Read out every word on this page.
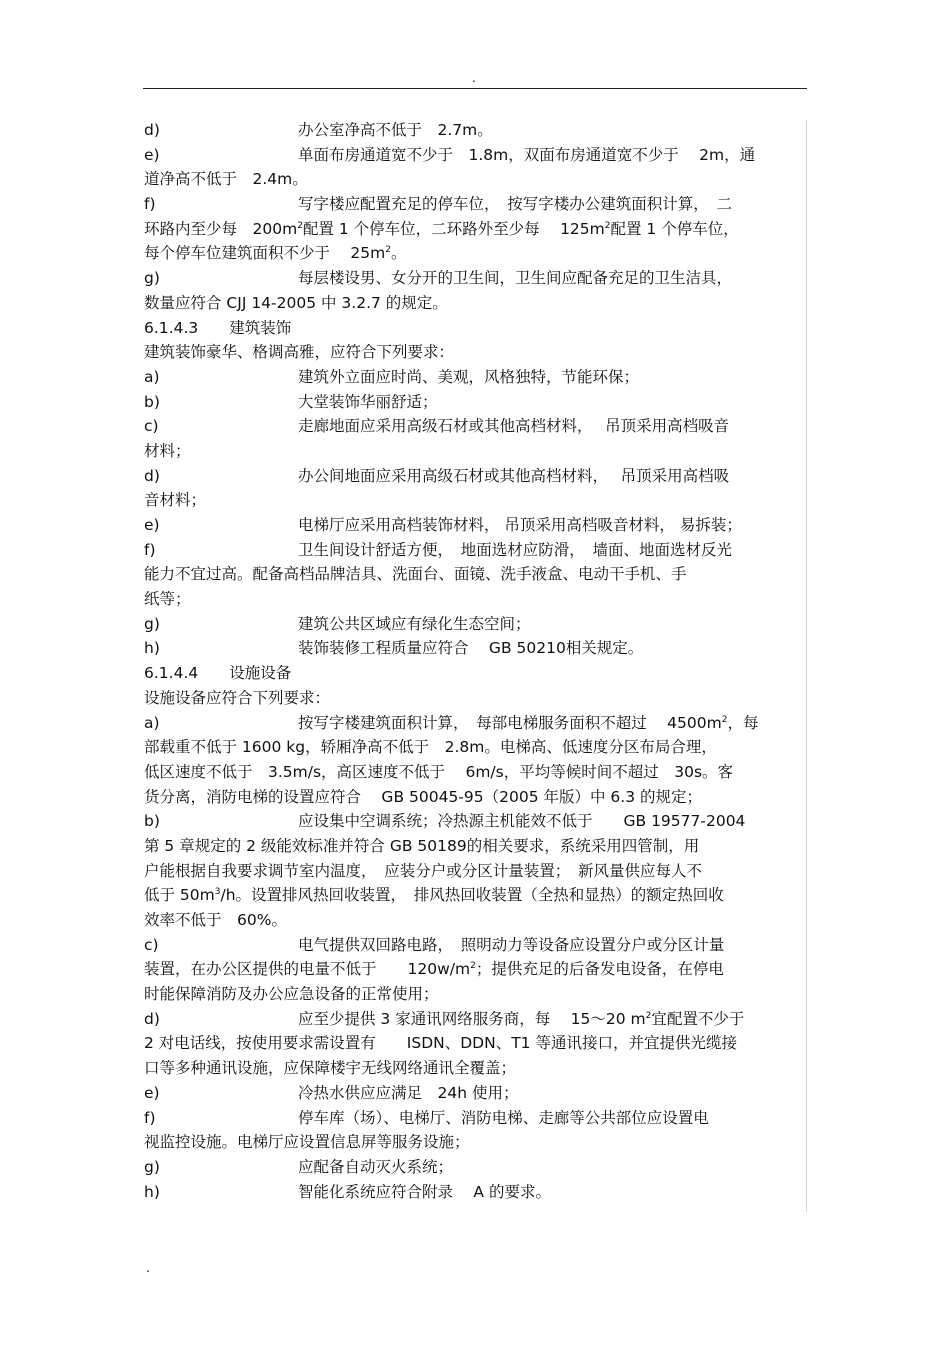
.
d)	办公室净高不低于　2.7m。
e)	单面布房通道宽不少于　1.8m，双面布房通道宽不少于　 2m，通
道净高不低于　2.4m。
f)	写字楼应配置充足的停车位，　按写字楼办公建筑面积计算，　二
环路内至少每　$200m^2$配置 1 个停车位，二环路外至少每　 $125m^2$配置 1 个停车位，
每个停车位建筑面积不少于　 $25m^2$。
g)	每层楼设男、女分开的卫生间，卫生间应配备充足的卫生洁具，
数量应符合 CJJ 14-2005 中 3.2.7 的规定。
6.1.4.3　　建筑装饰
建筑装饰豪华、格调高雅，应符合下列要求：
a)	建筑外立面应时尚、美观，风格独特，节能环保；
b)	大堂装饰华丽舒适；
c)	走廊地面应采用高级石材或其他高档材料，　 吊顶采用高档吸音
材料；
d)	办公间地面应采用高级石材或其他高档材料，　 吊顶采用高档吸
音材料；
e)	电梯厅应采用高档装饰材料， 吊顶采用高档吸音材料， 易拆装；
f)	卫生间设计舒适方便，　地面选材应防滑，　墙面、地面选材反光
能力不宜过高。配备高档品牌洁具、洗面台、面镜、洗手液盒、电动干手机、手
纸等；
g)	建筑公共区域应有绿化生态空间；
h)	装饰装修工程质量应符合　 GB 50210相关规定。
6.1.4.4　　设施设备
设施设备应符合下列要求：
a)	按写字楼建筑面积计算，　每部电梯服务面积不超过　 $4500m^2$，每
部载重不低于 1600 kg，轿厢净高不低于　2.8m。电梯高、低速度分区布局合理，
低区速度不低于　3.5m/s，高区速度不低于　 6m/s，平均等候时间不超过　30s。客
货分离，消防电梯的设置应符合　 GB 50045-95（2005 年版）中 6.3 的规定；
b)	应设集中空调系统；冷热源主机能效不低于　　GB 19577-2004
第 5 章规定的 2 级能效标准并符合 GB 50189的相关要求，系统采用四管制，用
户能根据自我要求调节室内温度，　应装分户或分区计量装置；　新风量供应每人不
低于 $50m^3/h$。设置排风热回收装置，　排风热回收装置（全热和显热）的额定热回收
效率不低于　60%。
c)	电气提供双回路电路，　照明动力等设备应设置分户或分区计量
装置，在办公区提供的电量不低于　　$120w/m^2$；提供充足的后备发电设备，在停电
时能保障消防及办公应急设备的正常使用；
d)	应至少提供 3 家通讯网络服务商，每　 15～20 $m^2$宜配置不少于
2 对电话线，按使用要求需设置有　　ISDN、DDN、T1 等通讯接口，并宜提供光缆接
口等多种通讯设施，应保障楼宇无线网络通讯全覆盖；
e)	冷热水供应应满足　24h 使用；
f)	停车库（场）、电梯厅、消防电梯、走廊等公共部位应设置电
视监控设施。电梯厅应设置信息屏等服务设施；
g)	应配备自动灭火系统；
h)	智能化系统应符合附录　 A 的要求。
.
